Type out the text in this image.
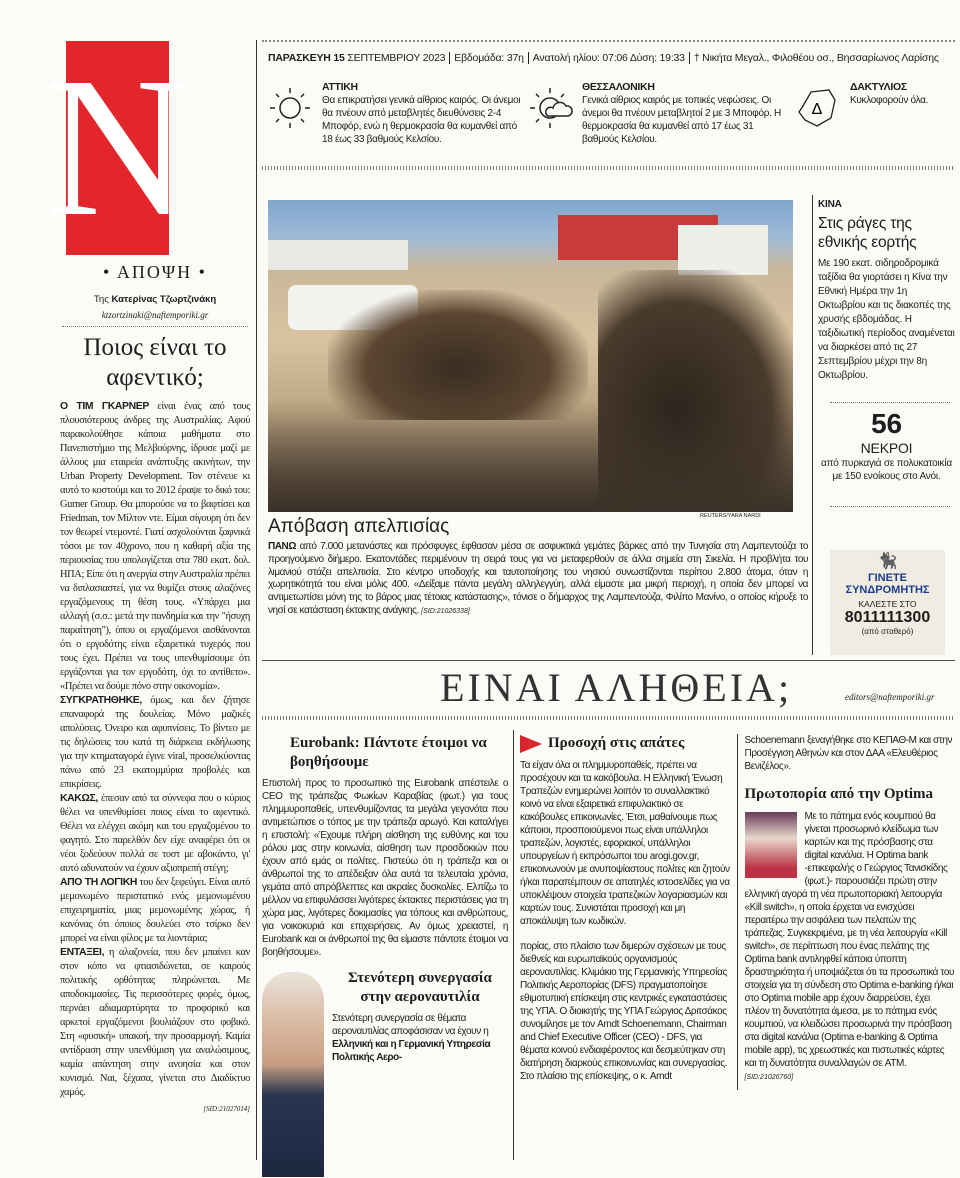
N
• ΑΠΟΨΗ •
Της Κατερίνας Τζωρτζινάκη
ktzortzinaki@naftemporiki.gr
Ποιος είναι το αφεντικό;

Ο ΤΙΜ ΓΚΑΡΝΕΡ είναι ένας από τους πλουσιότερους άνδρες της Αυστραλίας. Αφού παρακολούθησε κάποια μαθήματα στο Πανεπιστήμιο της Μελβούρνης, ίδρυσε μαζί με άλλους μια εταιρεία ανάπτυξης ακινήτων, την Urban Property Development. Τον στένευε κι αυτό το κοστούμι και το 2012 έραψε το δικό του: Gurner Group. Θα μπορούσε να το βαφτίσει και Friedman, τον Μίλτον ντε. Είμαι σίγουρη ότι δεν τον θεωρεί ντεμοντέ. Γιατί ασχολούνται ξαφνικά τόσοι με τον 40χρονο, που η καθαρή αξία της περιουσίας του υπολογίζεται στα 780 εκατ. δολ. ΗΠΑ; Είπε ότι η ανεργία στην Αυστραλία πρέπει να διπλασιαστεί, για να θυμίζει στους αλαζόνες εργαζόμενους τη θέση τους. «Υπάρχει μια αλλαγή (σ.σ.: μετά την πανδημία και την "ήσυχη παραίτηση"), όπου οι εργαζόμενοι αισθάνονται ότι ο εργοδότης είναι εξαιρετικά τυχερός που τους έχει. Πρέπει να τους υπενθυμίσουμε ότι εργάζονται για τον εργοδότη, όχι το αντίθετο». «Πρέπει να δούμε πόνο στην οικονομία».

ΣΥΓΚΡΑΤΗΘΗΚΕ, όμως, και δεν ζήτησε επαναφορά της δουλείας. Μόνο μαζικές απολύσεις. Όνειρο και αφυπνίσεις. Το βίντεο με τις δηλώσεις του κατά τη διάρκεια εκδήλωσης για την κτηματαγορά έγινε viral, προσελκύοντας πάνω από 23 εκατομμύρια προβολές και επικρίσεις.

ΚΑΚΩΣ, έπεσαν από τα σύννεφα που ο κύριος θέλει να υπενθυμίσει ποιος είναι το αφεντικό. Θέλει να ελέγχει ακόμη και του εργαζομένου το φαγητό. Στο παρελθόν δεν είχε αναφέρει ότι οι νέοι ξοδεύουν πολλά σε τοστ με αβοκάντο, γι' αυτό αδυνατούν να έχουν αξιοπρεπή στέγη;

ΑΠΟ ΤΗ ΛΟΓΙΚΗ του δεν ξεφεύγει. Είναι αυτό μεμονωμένο περιστατικό ενός μεμονωμένου επιχειρηματία, μιας μεμονωμένης χώρας, ή κανόνας ότι όποιος δουλεύει στο τσίρκο δεν μπορεί να είναι φίλος με τα λιοντάρια;

ΕΝΤΑΞΕΙ, η αλαζονεία, που δεν μπαίνει καν στον κόπο να φτιασιδώνεται, σε καιρούς πολιτικής ορθότητας πληρώνεται. Με αποδοκιμασίες. Τις περισσότερες φορές, όμως, περνάει αδιαμαρτύρητα το προφορικό και αρκετοί εργαζόμενοι βουλιάζουν στο φοβικό. Στη «φυσική» υπακοή, την προσαρμογή. Καμία αντίδραση στην υπενθύμιση για αναλώσιμους, καμία απάντηση στην ανοησία και στον κυνισμό. Ναι, ξέχασα, γίνεται στο Διαδίκτυο χαμός.

[SID:21027014]
ΠΑΡΑΣΚΕΥΗ 15 ΣΕΠΤΕΜΒΡΙΟΥ 2023 Εβδομάδα: 37η Ανατολή ηλίου: 07:06 Δύση: 19:33 † Νικήτα Μεγαλ., Φιλοθέου οσ., Βησσαρίωνος Λαρίσης
ΑΤΤΙΚΗ
Θα επικρατήσει γενικά αίθριος καιρός. Οι άνεμοι θα πνέουν από μεταβλητές διευθύνσεις 2-4 Μποφόρ, ενώ η θερμοκρασία θα κυμανθεί από 18 έως 33 βαθμούς Κελσίου.
ΘΕΣΣΑΛΟΝΙΚΗ
Γενικά αίθριος καιρός με τοπικές νεφώσεις. Οι άνεμοι θα πνέουν μεταβλητοί 2 με 3 Μποφόρ. Η θερμοκρασία θα κυμανθεί από 17 έως 31 βαθμούς Κελσίου.
Δ
ΔΑΚΤΥΛΙΟΣ
Κυκλοφορούν όλα.
REUTERS/YARA NARDI
Απόβαση απελπισίας
ΠΑΝΩ από 7.000 μετανάστες και πρόσφυγες έφθασαν μέσα σε ασφυκτικά γεμάτες βάρκες από την Τυνησία στη Λαμπεντούζα το προηγούμενο διήμερο. Εκατοντάδες περιμένουν τη σειρά τους για να μεταφερθούν σε άλλα σημεία στη Σικελία. Η προβλήτα του λιμανιού στάζει απελπισία. Στο κέντρο υποδοχής και ταυτοποίησης του νησιού συνωστίζονται περίπου 2.800 άτομα, όταν η χωρητικότητά του είναι μόλις 400. «Δείξαμε πάντα μεγάλη αλληλεγγύη, αλλά είμαστε μια μικρή περιοχή, η οποία δεν μπορεί να αντιμετωπίσει μόνη της το βάρος μιας τέτοιας κατάστασης», τόνισε ο δήμαρχος της Λαμπεντούζα, Φιλίπο Μανίνο, ο οποίος κήρυξε το νησί σε κατάσταση έκτακτης ανάγκης. [SID:21026338]
ΚΙΝΑ
Στις ράγες της εθνικής εορτής
Με 190 εκατ. σιδηροδρομικά ταξίδια θα γιορτάσει η Κίνα την Εθνική Ημέρα την 1η Οκτωβρίου και τις διακοπές της χρυσής εβδομάδας. Η ταξιδιωτική περίοδος αναμένεται να διαρκέσει από τις 27 Σεπτεμβρίου μέχρι την 8η Οκτωβρίου.
56
ΝΕΚΡΟΙ
από πυρκαγιά σε πολυκατοικία με 150 ενοίκους στο Ανόι.
🐈‍⬛
ΓΙΝΕΤΕ ΣΥΝΔΡΟΜΗΤΗΣ
ΚΑΛΕΣΤΕ ΣΤΟ
8011111300
(από σταθερό)
ΕΙΝΑΙ ΑΛΗΘΕΙΑ;	editors@naftemporiki.gr
Eurobank: Πάντοτε έτοιμοι να βοηθήσουμε
Επιστολή προς το προσωπικό της Eurobank απέστειλε ο CEO της τράπεζας Φωκίων Καραβίας (φωτ.) για τους πλημμυροπαθείς, υπενθυμίζοντας τα μεγάλα γεγονότα που αντιμετώπισε ο τόπος με την τράπεζα αρωγό. Και καταλήγει η επιστολή: «Έχουμε πλήρη αίσθηση της ευθύνης και του ρόλου μας στην κοινωνία, αίσθηση των προσδοκιών που έχουν από εμάς οι πολίτες. Πιστεύω ότι η τράπεζα και οι άνθρωποί της το απέδειξαν όλα αυτά τα τελευταία χρόνια, γεμάτα από απρόβλεπτες και ακραίες δυσκολίες. Ελπίζω το μέλλον να επιφυλάσσει λιγότερες έκτακτες περιστάσεις για τη χώρα μας, λιγότερες δοκιμασίες για τόπους και ανθρώπους, για νοικοκυριά και επιχειρήσεις. Αν όμως χρειαστεί, η Eurobank και οι άνθρωποί της θα είμαστε πάντοτε έτοιμοι να βοηθήσουμε».
Στενότερη συνεργασία στην αεροναυτιλία
Στενότερη συνεργασία σε θέματα αεροναυτιλίας αποφάσισαν να έχουν η Ελληνική και η Γερμανική Υπηρεσία Πολιτικής Αερο-
Προσοχή στις απάτες
Τα είχαν όλα οι πλημμυροπαθείς, πρέπει να προσέχουν και τα κακόβουλα. Η Ελληνική Ένωση Τραπεζών ενημερώνει λοιπόν το συναλλακτικό κοινό να είναι εξαιρετικά επιφυλακτικό σε κακόβουλες επικοινωνίες. Έτσι, μαθαίνουμε πως κάποιοι, προσποιούμενοι πως είναι υπάλληλοι τραπεζών, λογιστές, εφοριακοί, υπάλληλοι υπουργείων ή εκπρόσωποι του arogi.gov.gr, επικοινωνούν με ανυποψίαστους πολίτες και ζητούν ή/και παραπέμπουν σε απατηλές ιστοσελίδες για να υποκλέψουν στοιχεία τραπεζικών λογαριασμών και καρτών τους. Συνιστάται προσοχή και μη αποκάλυψη των κωδικών.
πορίας, στο πλαίσιο των διμερών σχέσεων με τους διεθνείς και ευρωπαϊκούς οργανισμούς αεροναυτιλίας. Κλιμάκιο της Γερμανικής Υπηρεσίας Πολιτικής Αεροπορίας (DFS) πραγματοποίησε εθιμοτυπική επίσκεψη στις κεντρικές εγκαταστάσεις της ΥΠΑ. Ο διοικητής της ΥΠΑ Γεώργιος Δριτσάκος συνομίλησε με τον Arndt Schoenemann, Chairman and Chief Executive Officer (CEO) - DFS, για θέματα κοινού ενδιαφέροντος και δεσμεύτηκαν στη διατήρηση διαρκούς επικοινωνίας και συνεργασίας. Στο πλαίσιο της επίσκεψης, ο κ. Arndt Schoenemann ξεναγήθηκε στο ΚΕΠΑΘ-Μ και στην Προσέγγιση Αθηνών και στον ΔΑΑ «Ελευθέριος Βενιζέλος».
Πρωτοπορία από την Optima
Με το πάτημα ενός κουμπιού θα γίνεται προσωρινό κλείδωμα των καρτών και της πρόσβασης στα digital κανάλια. Η Optima bank -επικεφαλής ο Γεώργιος Τανισκίδης (φωτ.)- παρουσιάζει πρώτη στην ελληνική αγορά τη νέα πρωτοποριακή λειτουργία «Kill switch», η οποία έρχεται να ενισχύσει περαιτέρω την ασφάλεια των πελατών της τράπεζας. Συγκεκριμένα, με τη νέα λειτουργία «Kill switch», σε περίπτωση που ένας πελάτης της Optima bank αντιληφθεί κάποια ύποπτη δραστηριότητα ή υποψιάζεται ότι τα προσωπικά του στοιχεία για τη σύνδεση στο Optima e-banking ή/και στο Optima mobile app έχουν διαρρεύσει, έχει πλέον τη δυνατότητα άμεσα, με το πάτημα ενός κουμπιού, να κλειδώσει προσωρινά την πρόσβαση στα digital κανάλια (Optima e-banking & Optima mobile app), τις χρεωστικές και πιστωτικές κάρτες και τη δυνατότητα συναλλαγών σε ATM. [SID:21026760]
